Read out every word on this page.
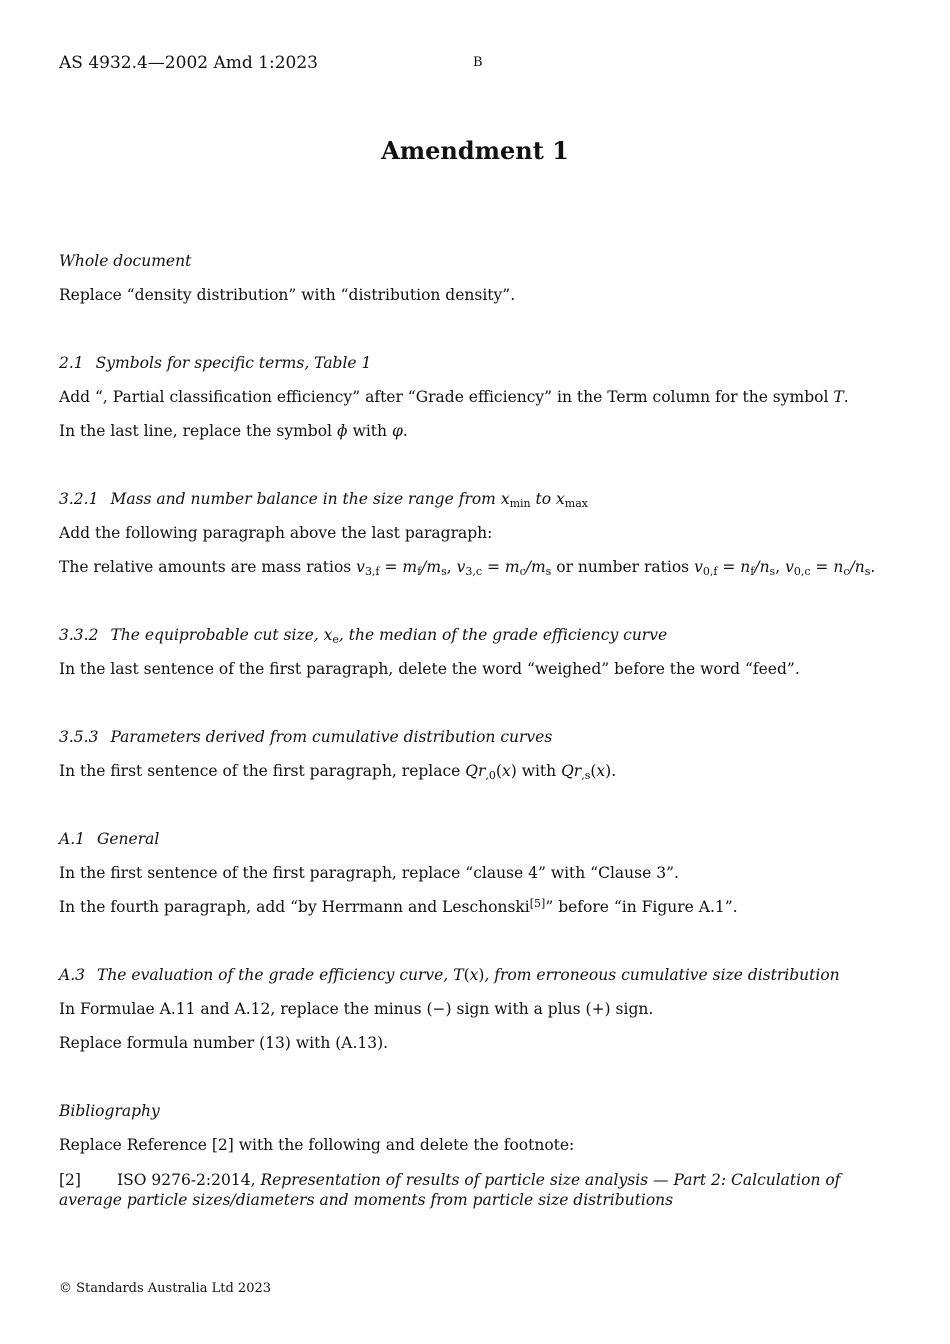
AS 4932.4—2002 Amd 1:2023	B
Amendment 1
Whole document
Replace “density distribution” with “distribution density”.
2.1 Symbols for specific terms, Table 1
Add “, Partial classification efficiency” after “Grade efficiency” in the Term column for the symbol T.
In the last line, replace the symbol ɸ with φ.
3.2.1 Mass and number balance in the size range from $x_{min}$ to $x_{max}$
Add the following paragraph above the last paragraph:
The relative amounts are mass ratios $v_{3,f} = m_f/m_s$, $v_{3,c} = m_c/m_s$ or number ratios $v_{0,f} = n_f/n_s$, $v_{0,c} = n_c/n_s$.
3.3.2 The equiprobable cut size, $x_e$, the median of the grade efficiency curve
In the last sentence of the first paragraph, delete the word “weighed” before the word “feed”.
3.5.3 Parameters derived from cumulative distribution curves
In the first sentence of the first paragraph, replace $Qr_{,0}(x)$ with $Qr_{,s}(x)$.
A.1 General
In the first sentence of the first paragraph, replace “clause 4” with “Clause 3”.
In the fourth paragraph, add “by Herrmann and Leschonski[5]” before “in Figure A.1”.
A.3 The evaluation of the grade efficiency curve, T(x), from erroneous cumulative size distribution
In Formulae A.11 and A.12, replace the minus (−) sign with a plus (+) sign.
Replace formula number (13) with (A.13).
Bibliography
Replace Reference [2] with the following and delete the footnote:
[2] ISO 9276-2:2014, Representation of results of particle size analysis — Part 2: Calculation of average particle sizes/diameters and moments from particle size distributions
© Standards Australia Ltd 2023
